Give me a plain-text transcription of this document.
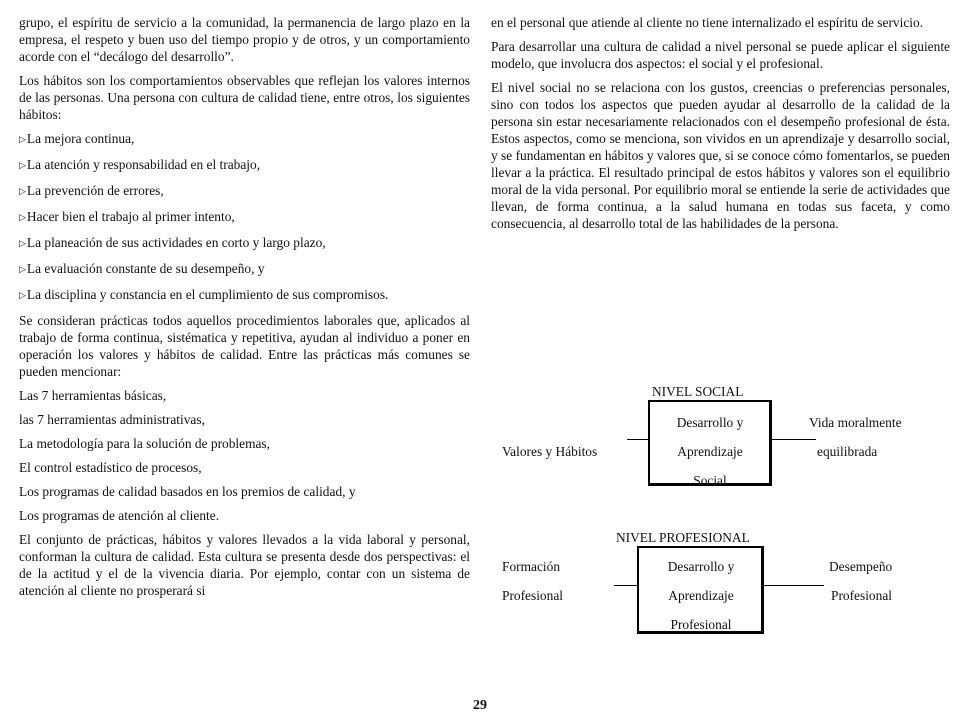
grupo, el espíritu de servicio a la comunidad, la permanencia de largo plazo en la empresa, el respeto y buen uso del tiempo propio y de otros, y un comportamiento acorde con el “decálogo del desarrollo”.

Los hábitos son los comportamientos observables que reflejan los valores internos de las personas. Una persona con cultura de calidad tiene, entre otros, los siguientes hábitos:

▷La mejora continua,

▷La atención y responsabilidad en el trabajo,

▷La prevención de errores,

▷Hacer bien el trabajo al primer intento,

▷La planeación de sus actividades en corto y largo plazo,

▷La evaluación constante de su desempeño, y

▷La disciplina y constancia en el cumplimiento de sus compromisos.

Se consideran prácticas todos aquellos procedimientos laborales que, aplicados al trabajo de forma continua, sistématica y repetitiva, ayudan al individuo a poner en operación los valores y hábitos de calidad. Entre las prácticas más comunes se pueden mencionar:

Las 7 herramientas básicas,

las 7 herramientas administrativas,

La metodología para la solución de problemas,

El control estadístico de procesos,

Los programas de calidad basados en los premios de calidad, y

Los programas de atención al cliente.

El conjunto de prácticas, hábitos y valores llevados a la vida laboral y personal, conforman la cultura de calidad. Esta cultura se presenta desde dos perspectivas: el de la actitud y el de la vivencia diaria. Por ejemplo, contar con un sistema de atención al cliente no prosperará si

en el personal que atiende al cliente no tiene internalizado el espíritu de servicio.

Para desarrollar una cultura de calidad a nivel personal se puede aplicar el siguiente modelo, que involucra dos aspectos: el social y el profesional.

El nivel social no se relaciona con los gustos, creencias o preferencias personales, sino con todos los aspectos que pueden ayudar al desarrollo de la calidad de la persona sin estar necesariamente relacionados con el desempeño profesional de ésta. Estos aspectos, como se menciona, son vividos en un aprendizaje y desarrollo social, y se fundamentan en hábitos y valores que, si se conoce cómo fomentarlos, se pueden llevar a la práctica. El resultado principal de estos hábitos y valores son el equilibrio moral de la vida personal. Por equilibrio moral se entiende la serie de actividades que llevan, de forma continua, a la salud humana en todas sus faceta, y como consecuencia, al desarrollo total de las habilidades de la persona.

NIVEL SOCIAL
Desarrollo y
Aprendizaje
Social
Valores y Hábitos
Vida moralmente
equilibrada
NIVEL PROFESIONAL
Desarrollo y
Aprendizaje
Profesional
Formación
Profesional
Desempeño
Profesional
29
